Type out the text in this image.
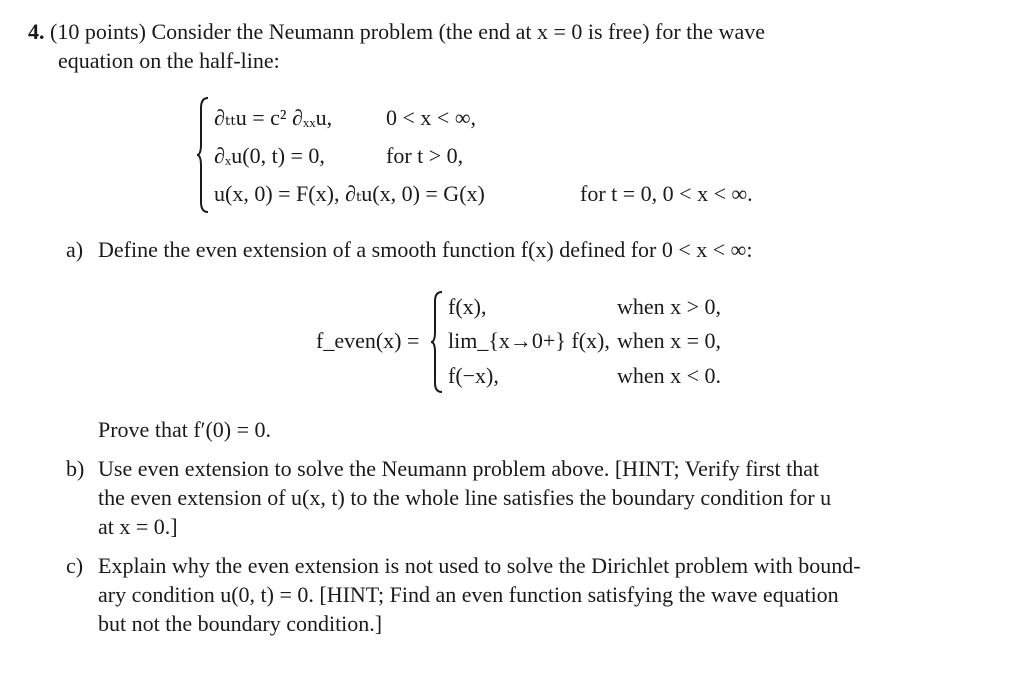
4. (10 points) Consider the Neumann problem (the end at x = 0 is free) for the wave
equation on the half-line:
∂ₜₜu = c² ∂ₓₓu, 0 < x < ∞,
∂ₓu(0, t) = 0,	for t > 0,
u(x, 0) = F(x), ∂ₜu(x, 0) = G(x)	for t = 0, 0 < x < ∞.
a) Define the even extension of a smooth function f(x) defined for 0 < x < ∞:
f_even(x) =
f(x),	when x > 0,
lim_{x→0+} f(x), when x = 0,
f(−x),	when x < 0.
Prove that f′(0) = 0.
b) Use even extension to solve the Neumann problem above. [HINT; Verify first that
the even extension of u(x, t) to the whole line satisfies the boundary condition for u
at x = 0.]
c) Explain why the even extension is not used to solve the Dirichlet problem with bound-
ary condition u(0, t) = 0. [HINT; Find an even function satisfying the wave equation
but not the boundary condition.]
